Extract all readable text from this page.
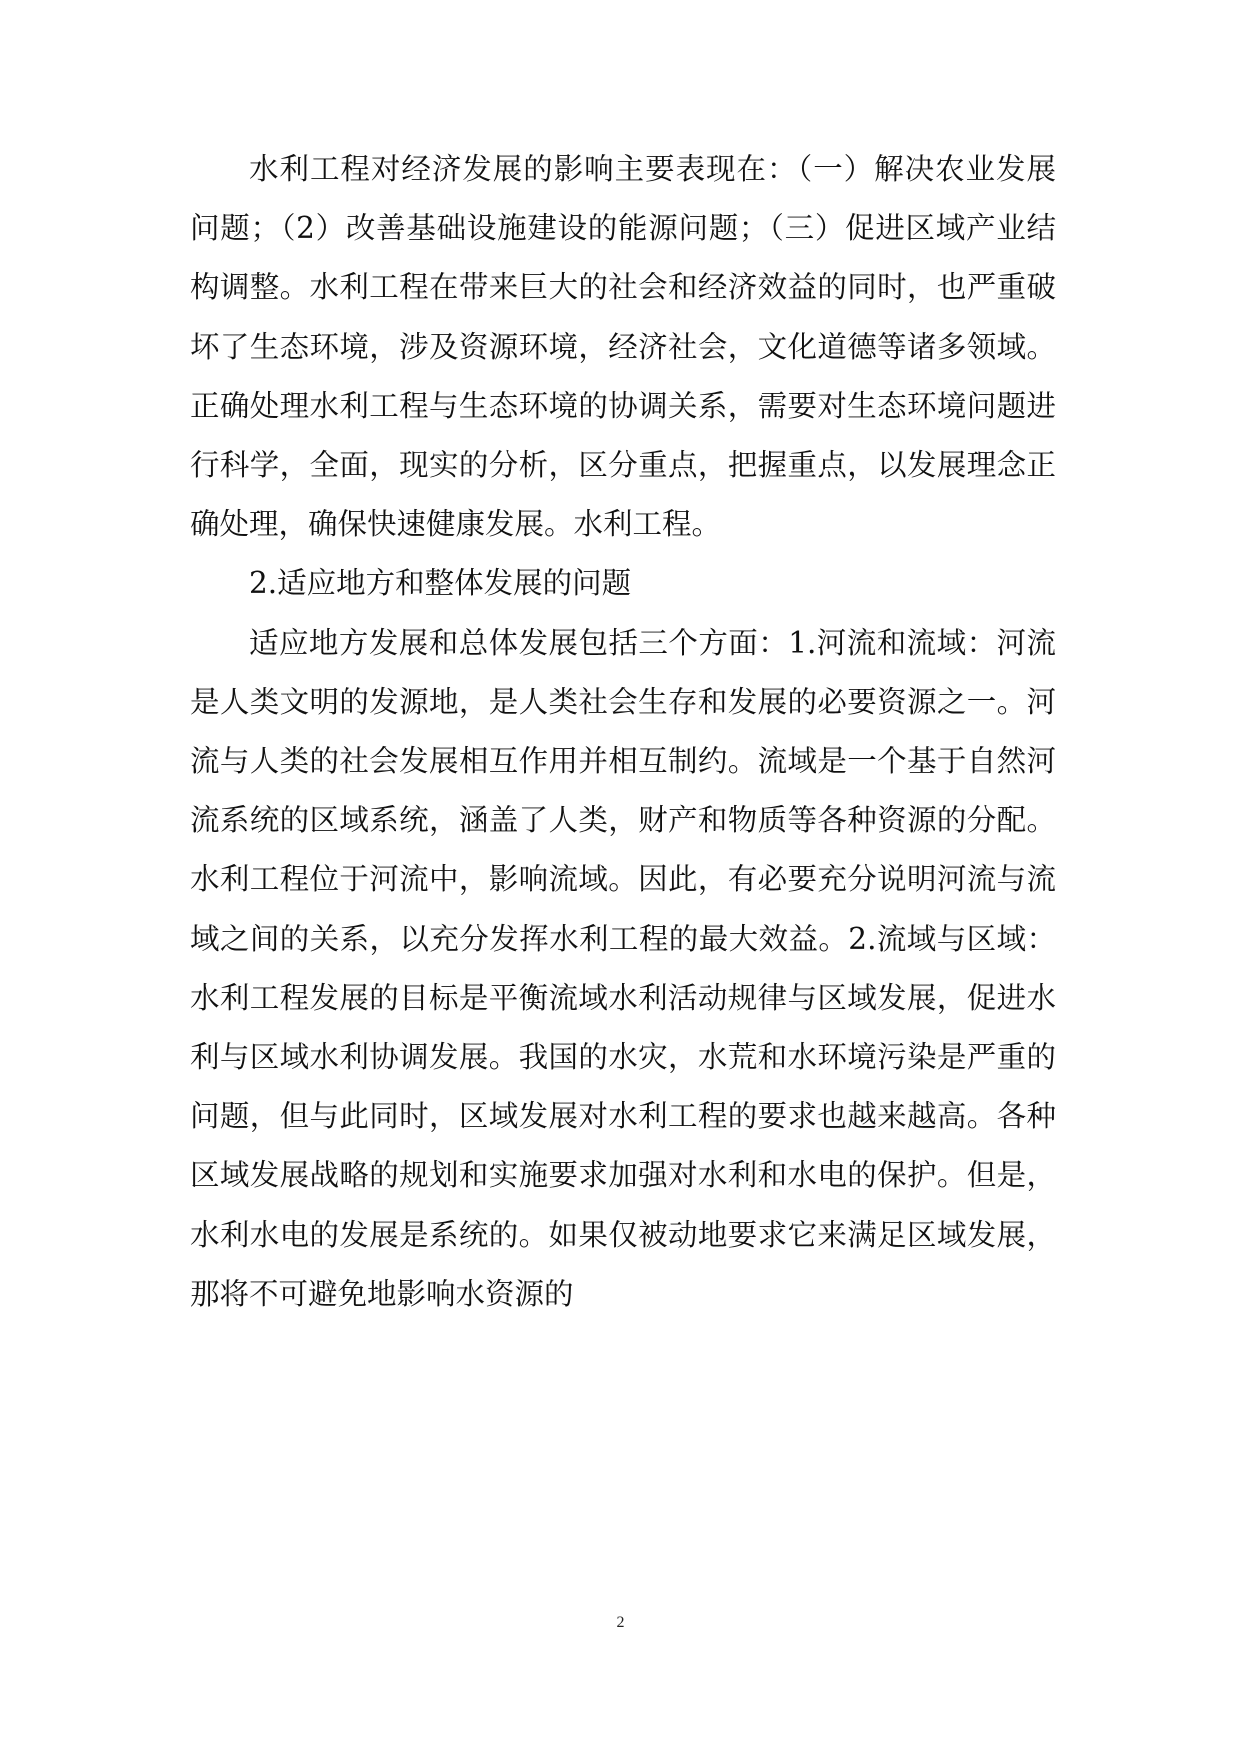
水利工程对经济发展的影响主要表现在：（一）解决农业发展问题；（2）改善基础设施建设的能源问题；（三）促进区域产业结构调整。水利工程在带来巨大的社会和经济效益的同时，也严重破坏了生态环境，涉及资源环境，经济社会，文化道德等诸多领域。正确处理水利工程与生态环境的协调关系，需要对生态环境问题进行科学，全面，现实的分析，区分重点，把握重点，以发展理念正确处理，确保快速健康发展。水利工程。

2.适应地方和整体发展的问题

适应地方发展和总体发展包括三个方面：1.河流和流域：河流是人类文明的发源地，是人类社会生存和发展的必要资源之一。河流与人类的社会发展相互作用并相互制约。流域是一个基于自然河流系统的区域系统，涵盖了人类，财产和物质等各种资源的分配。水利工程位于河流中，影响流域。因此，有必要充分说明河流与流域之间的关系，以充分发挥水利工程的最大效益。2.流域与区域：水利工程发展的目标是平衡流域水利活动规律与区域发展，促进水利与区域水利协调发展。我国的水灾，水荒和水环境污染是严重的问题，但与此同时，区域发展对水利工程的要求也越来越高。各种区域发展战略的规划和实施要求加强对水利和水电的保护。但是，水利水电的发展是系统的。如果仅被动地要求它来满足区域发展，那将不可避免地影响水资源的

2
